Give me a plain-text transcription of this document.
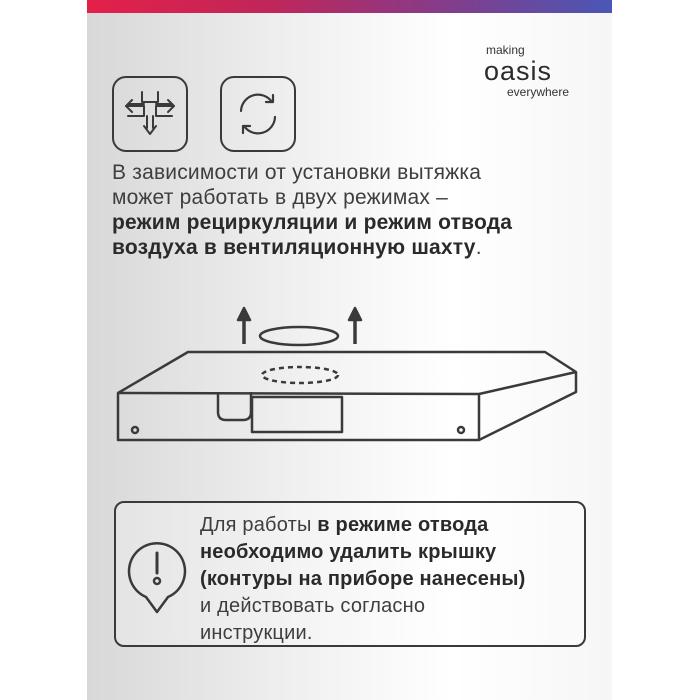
making
oasis
everywhere
В зависимости от установки вытяжка
может работать в двух режимах –
режим рециркуляции и режим отвода
воздуха в вентиляционную шахту.
Для работы в режиме отвода
необходимо удалить крышку
(контуры на приборе нанесены)
и действовать согласно
инструкции.
